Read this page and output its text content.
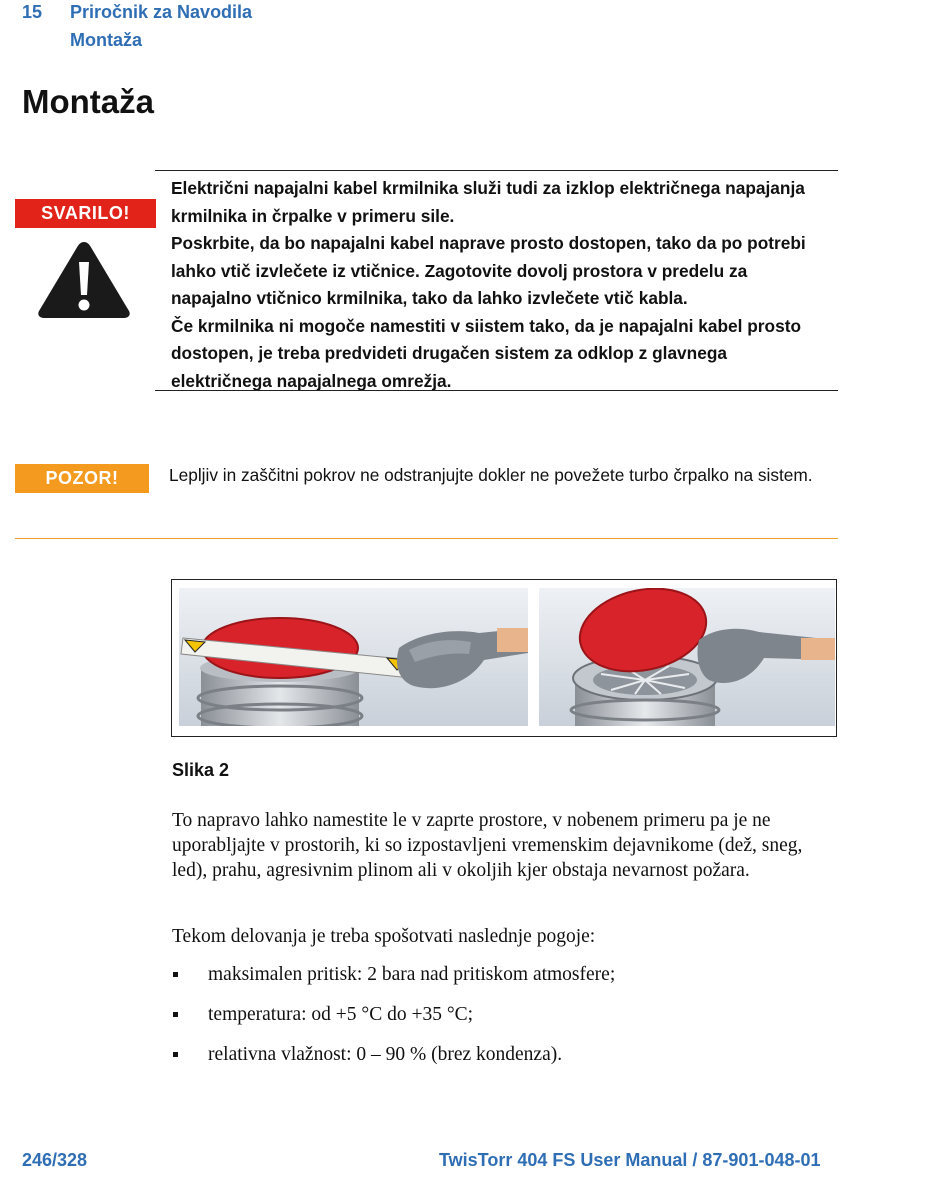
15 Priročnik za Navodila
Montaža
Montaža
SVARILO!

Električni napajalni kabel krmilnika služi tudi za izklop električnega napajanja krmilnika in črpalke v primeru sile.

Poskrbite, da bo napajalni kabel naprave prosto dostopen, tako da po potrebi lahko vtič izvlečete iz vtičnice. Zagotovite dovolj prostora v predelu za napajalno vtičnico krmilnika, tako da lahko izvlečete vtič kabla.

Če krmilnika ni mogoče namestiti v siistem tako, da je napajalni kabel prosto dostopen, je treba predvideti drugačen sistem za odklop z glavnega električnega napajalnega omrežja.

POZOR!	Lepljiv in zaščitni pokrov ne odstranjujte dokler ne povežete turbo črpalko na sistem.
Slika 2
To napravo lahko namestite le v zaprte prostore, v nobenem primeru pa je ne uporabljajte v prostorih, ki so izpostavljeni vremenskim dejavnikome (dež, sneg, led), prahu, agresivnim plinom ali v okoljih kjer obstaja nevarnost požara.
Tekom delovanja je treba spošotvati naslednje pogoje:
maksimalen pritisk: 2 bara nad pritiskom atmosfere;
temperatura: od +5 °C do +35 °C;
relativna vlažnost: 0 – 90 % (brez kondenza).
246/328	TwisTorr 404 FS User Manual / 87-901-048-01
